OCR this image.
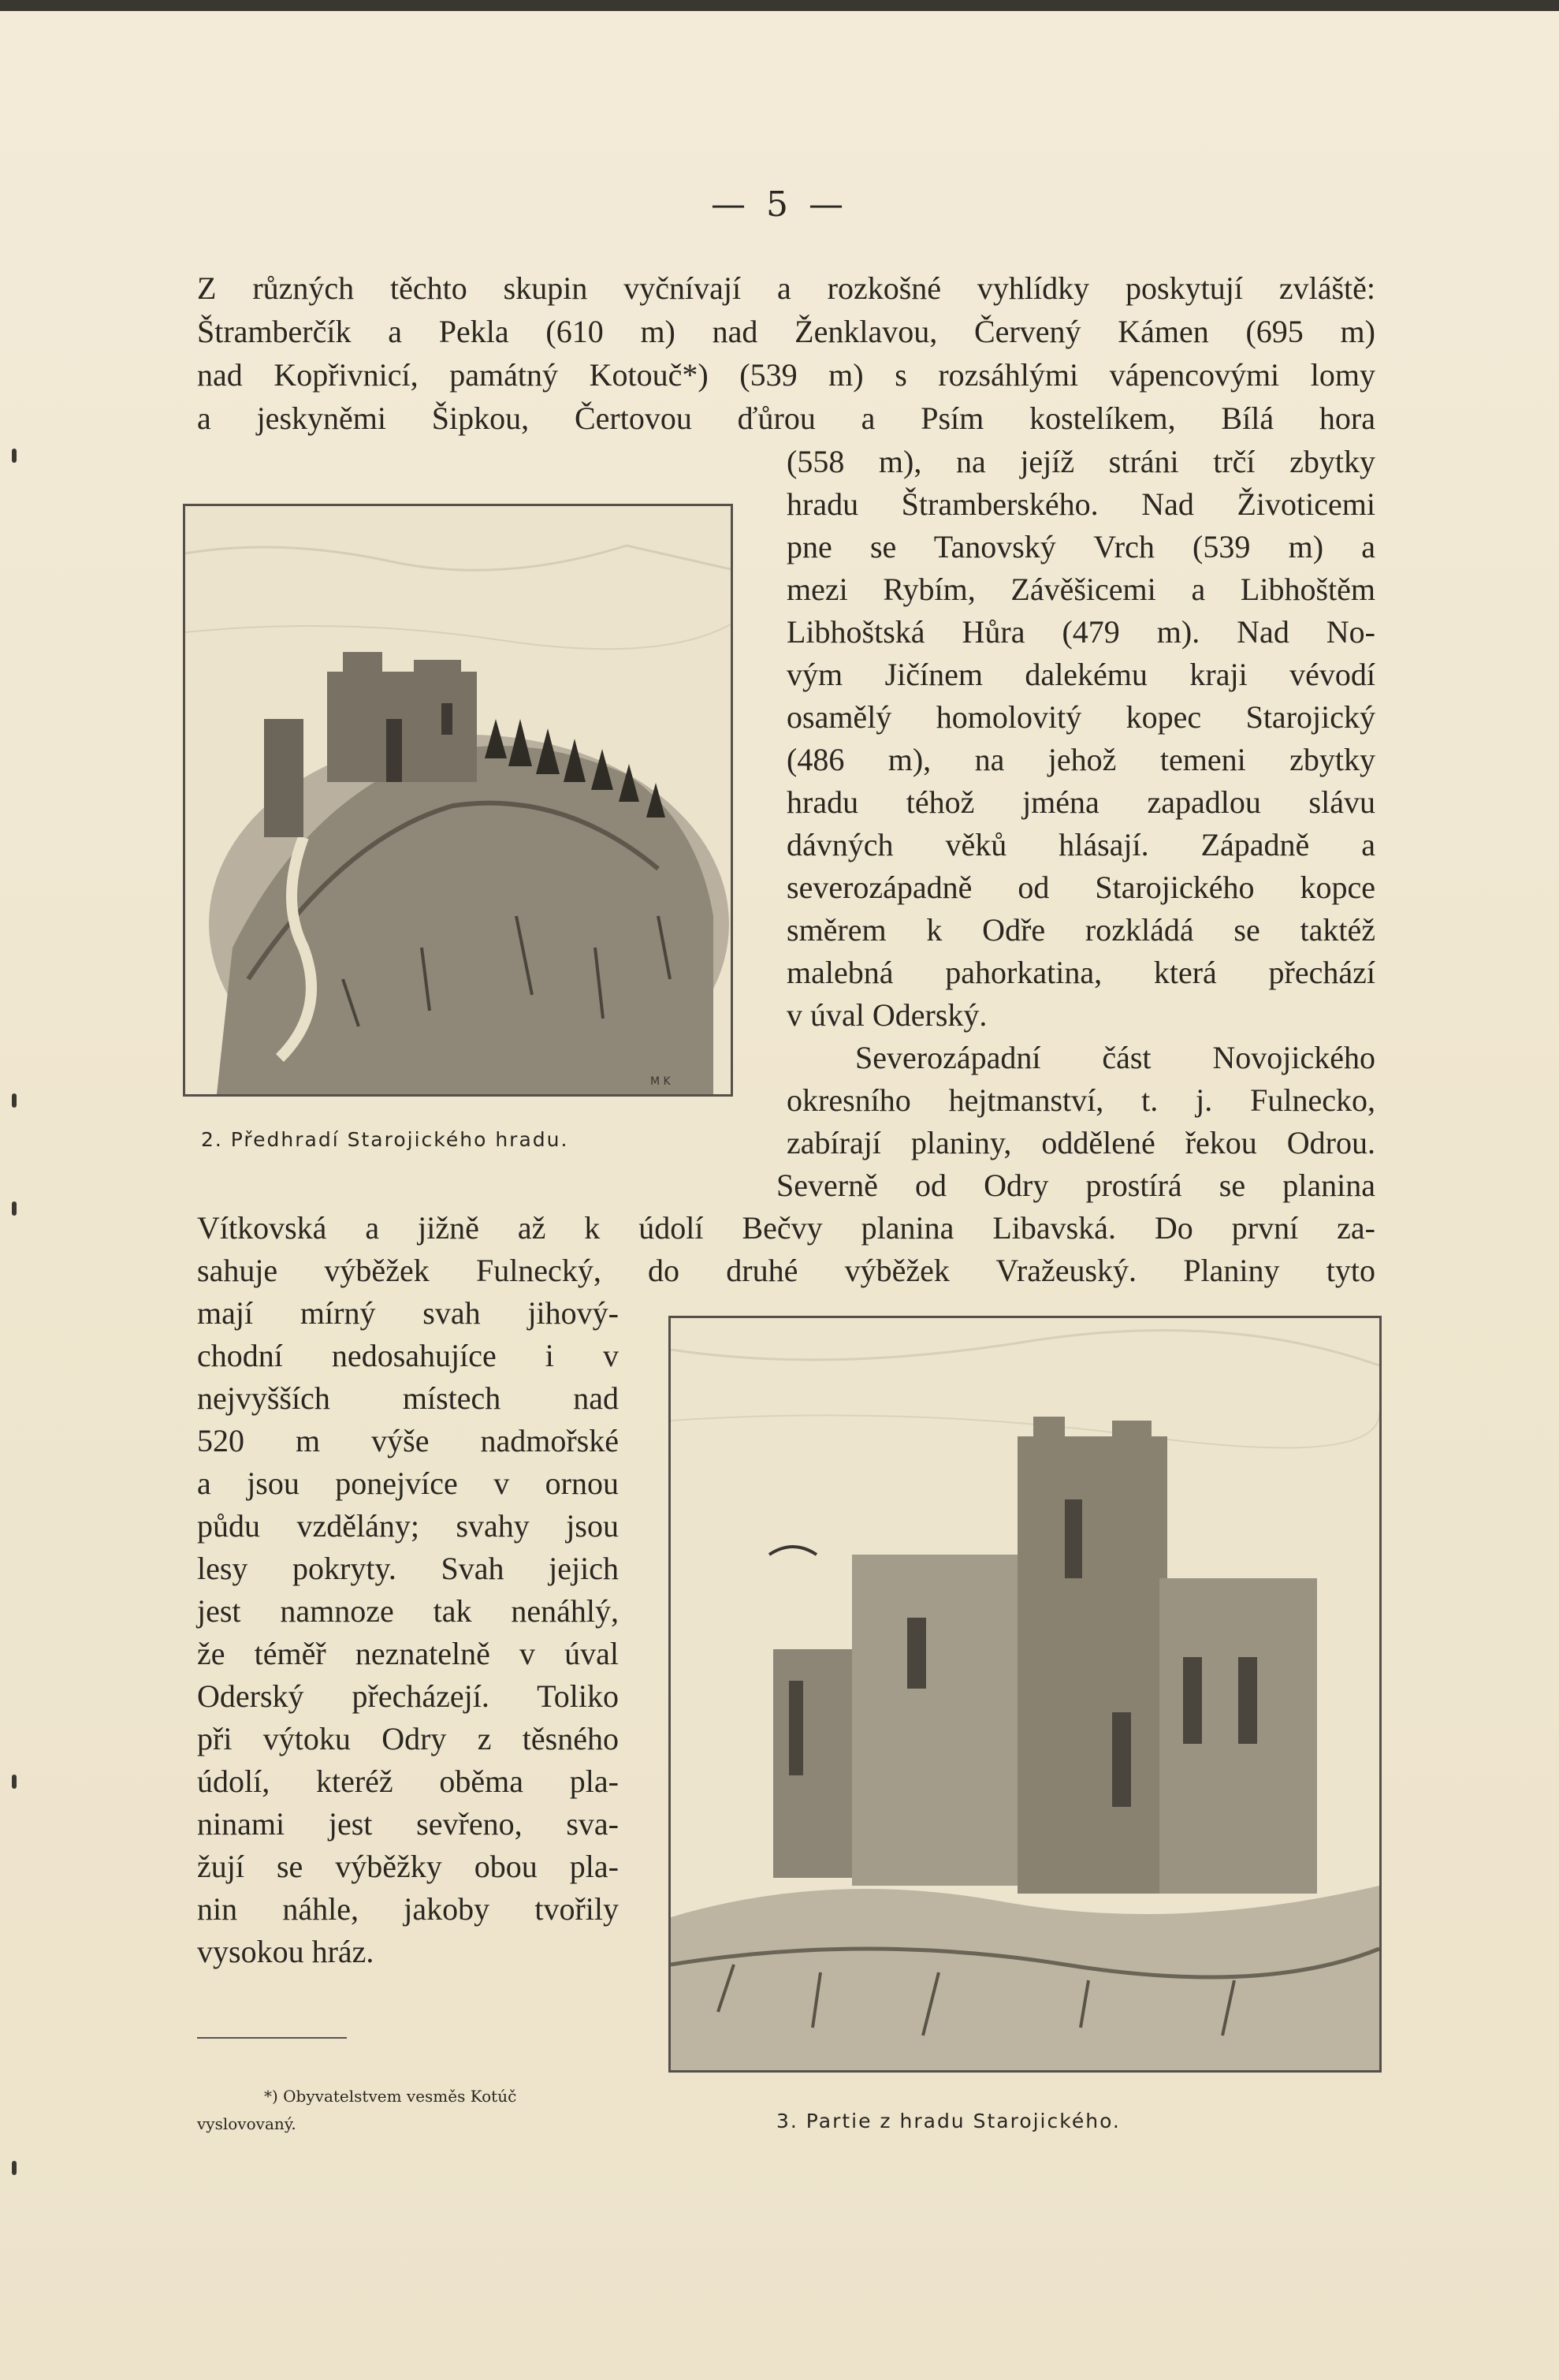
— 5 —
Z různých těchto skupin vyčnívají a rozkošné vyhlídky poskytují zvláště:
Štramberčík a Pekla (610 m) nad Ženklavou, Červený Kámen (695 m)
nad Kopřivnicí, památný Kotouč*) (539 m) s rozsáhlými vápencovými lomy
a jeskyněmi Šipkou, Čertovou ďůrou a Psím kostelíkem, Bílá hora
(558 m), na jejíž stráni trčí zbytky
hradu Štramberského. Nad Životicemi
pne se Tanovský Vrch (539 m) a
mezi Rybím, Závěšicemi a Libhoštěm
Libhoštská Hůra (479 m). Nad No-
vým Jičínem dalekému kraji vévodí
osamělý homolovitý kopec Starojický
(486 m), na jehož temeni zbytky
hradu téhož jména zapadlou slávu
dávných věků hlásají. Západně a
severozápadně od Starojického kopce
směrem k Odře rozkládá se taktéž
malebná pahorkatina, která přechází
v úval Oderský.
Severozápadní část Novojického
okresního hejtmanství, t. j. Fulnecko,
zabírají planiny, oddělené řekou Odrou.
Severně od Odry prostírá se planina
Vítkovská a jižně až k údolí Bečvy planina Libavská. Do první za-
sahuje výběžek Fulnecký, do druhé výběžek Vražeuský. Planiny tyto
mají mírný svah jihový-
chodní nedosahujíce i v
nejvyšších místech nad
520 m výše nadmořské
a jsou ponejvíce v ornou
půdu vzdělány; svahy jsou
lesy pokryty. Svah jejich
jest namnoze tak nenáhlý,
že téměř neznatelně v úval
Oderský přecházejí. Toliko
při výtoku Odry z těsného
údolí, kteréž oběma pla-
ninami jest sevřeno, sva-
žují se výběžky obou pla-
nin náhle, jakoby tvořily
vysokou hráz.
M K
2. Předhradí Starojického hradu.
3. Partie z hradu Starojického.
*) Obyvatelstvem vesměs Kotúč
vyslovovaný.
